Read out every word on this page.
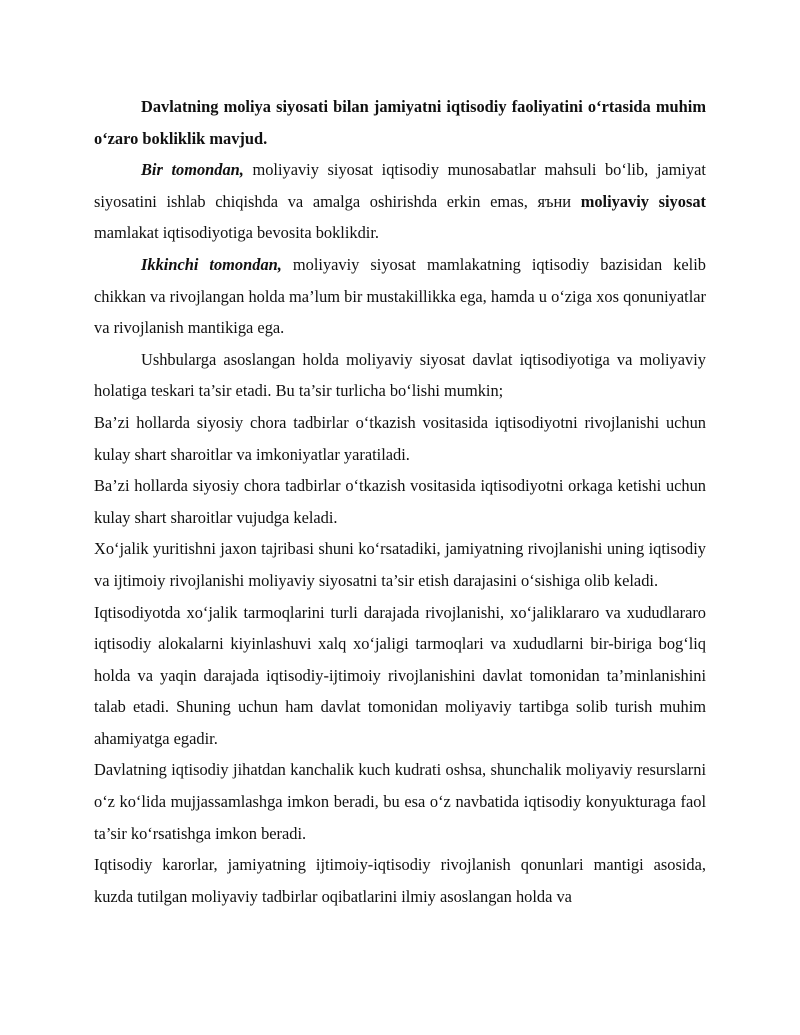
Davlatning moliya siyosati bilan jamiyatni iqtisodiy faoliyatini o‘rtasida muhim o‘zaro bokliklik mavjud.

Bir tomondan, moliyaviy siyosat iqtisodiy munosabatlar mahsuli bo‘lib, jamiyat siyosatini ishlab chiqishda va amalga oshirishda erkin emas, яъни moliyaviy siyosat mamlakat iqtisodiyotiga bevosita boklikdir.

Ikkinchi tomondan, moliyaviy siyosat mamlakatning iqtisodiy bazisidan kelib chikkan va rivojlangan holda ma’lum bir mustakillikka ega, hamda u o‘ziga xos qonuniyatlar va rivojlanish mantikiga ega.

Ushbularga asoslangan holda moliyaviy siyosat davlat iqtisodiyotiga va moliyaviy holatiga teskari ta’sir etadi. Bu ta’sir turlicha bo‘lishi mumkin;

Ba’zi hollarda siyosiy chora tadbirlar o‘tkazish vositasida iqtisodiyotni rivojlanishi uchun kulay shart sharoitlar va imkoniyatlar yaratiladi.

Ba’zi hollarda siyosiy chora tadbirlar o‘tkazish vositasida iqtisodiyotni orkaga ketishi uchun kulay shart sharoitlar vujudga keladi.

Xo‘jalik yuritishni jaxon tajribasi shuni ko‘rsatadiki, jamiyatning rivojlanishi uning iqtisodiy va ijtimoiy rivojlanishi moliyaviy siyosatni ta’sir etish darajasini o‘sishiga olib keladi.

Iqtisodiyotda xo‘jalik tarmoqlarini turli darajada rivojlanishi, xo‘jaliklararo va xududlararo iqtisodiy alokalarni kiyinlashuvi xalq xo‘jaligi tarmoqlari va xududlarni bir-biriga bog‘liq holda va yaqin darajada iqtisodiy-ijtimoiy rivojlanishini davlat tomonidan ta’minlanishini talab etadi. Shuning uchun ham davlat tomonidan moliyaviy tartibga solib turish muhim ahamiyatga egadir.

Davlatning iqtisodiy jihatdan kanchalik kuch kudrati oshsa, shunchalik moliyaviy resurslarni o‘z ko‘lida mujjassamlashga imkon beradi, bu esa o‘z navbatida iqtisodiy konyukturaga faol ta’sir ko‘rsatishga imkon beradi.

Iqtisodiy karorlar, jamiyatning ijtimoiy-iqtisodiy rivojlanish qonunlari mantigi asosida, kuzda tutilgan moliyaviy tadbirlar oqibatlarini ilmiy asoslangan holda va
